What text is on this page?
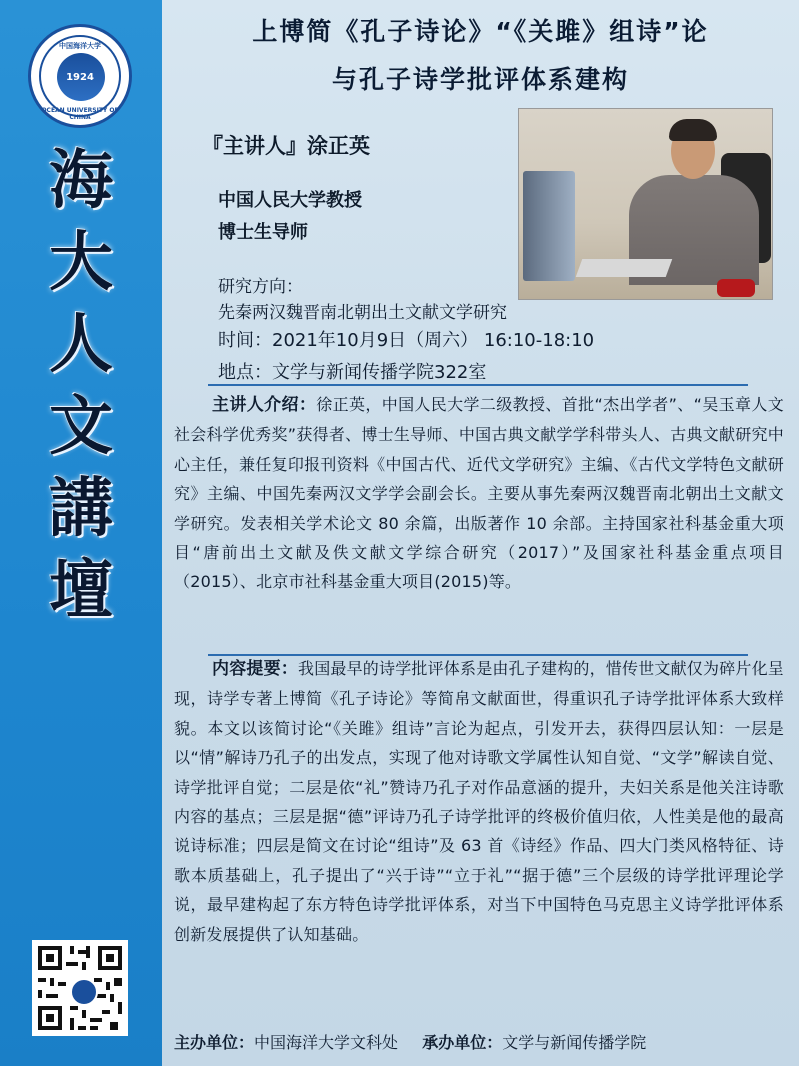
中国海洋大学
1924
OCEAN UNIVERSITY OF CHINA
海
大
人
文
講
壇
上博简《孔子诗论》“《关雎》组诗”论
与孔子诗学批评体系建构
『主讲人』涂正英
中国人民大学教授
博士生导师
研究方向：
先秦两汉魏晋南北朝出土文献文学研究
时间：2021年10月9日（周六） 16:10-18:10
地点：文学与新闻传播学院322室
主讲人介绍：徐正英，中国人民大学二级教授、首批“杰出学者”、“吴玉章人文社会科学优秀奖”获得者、博士生导师、中国古典文献学学科带头人、古典文献研究中心主任，兼任复印报刊资料《中国古代、近代文学研究》主编、《古代文学特色文献研究》主编、中国先秦两汉文学学会副会长。主要从事先秦两汉魏晋南北朝出土文献文学研究。发表相关学术论文 80 余篇，出版著作 10 余部。主持国家社科基金重大项目“唐前出土文献及佚文献文学综合研究（2017）”及国家社科基金重点项目（2015）、北京市社科基金重大项目(2015)等。
内容提要：我国最早的诗学批评体系是由孔子建构的，惜传世文献仅为碎片化呈现，诗学专著上博简《孔子诗论》等简帛文献面世，得重识孔子诗学批评体系大致样貌。本文以该简讨论“《关雎》组诗”言论为起点，引发开去，获得四层认知：一层是以“情”解诗乃孔子的出发点，实现了他对诗歌文学属性认知自觉、“文学”解读自觉、诗学批评自觉；二层是依“礼”赞诗乃孔子对作品意涵的提升，夫妇关系是他关注诗歌内容的基点；三层是据“德”评诗乃孔子诗学批评的终极价值归依，人性美是他的最高说诗标准；四层是简文在讨论“组诗”及 63 首《诗经》作品、四大门类风格特征、诗歌本质基础上，孔子提出了“兴于诗”“立于礼”“据于德”三个层级的诗学批评理论学说，最早建构起了东方特色诗学批评体系，对当下中国特色马克思主义诗学批评体系创新发展提供了认知基础。
主办单位：中国海洋大学文科处 承办单位：文学与新闻传播学院
